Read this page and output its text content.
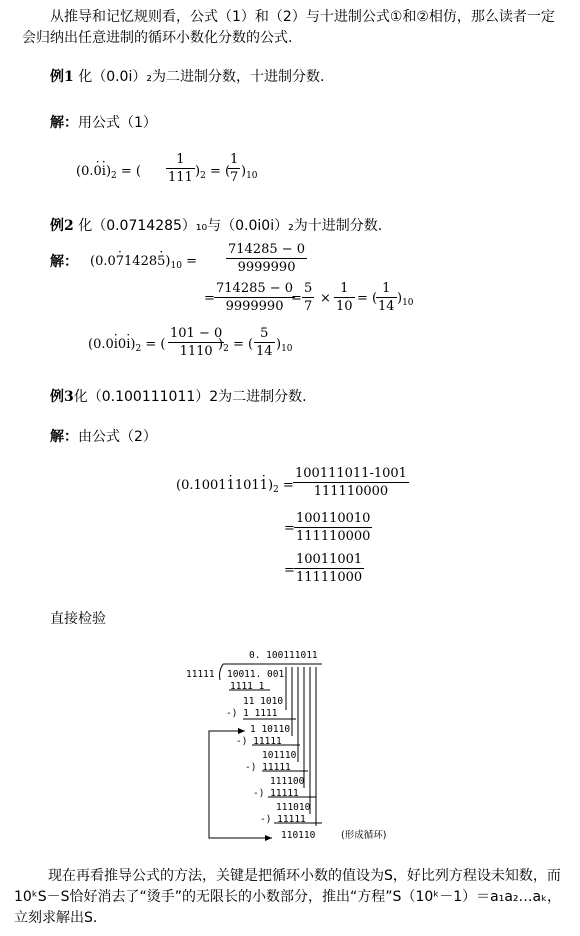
从推导和记忆规则看，公式（1）和（2）与十进制公式①和②相仿，那么读者一定会归纳出任意进制的循环小数化分数的公式.
例1 化（0.0i）₂为二进制分数，十进制分数.
解：用公式（1）
$(0.\cdot 0\cdot i)_2$ = ( $\frac{1}{111} )_2$ = (
$\frac{1}{7} )_{10}$
例2 化（0.0714285）₁₀与（0.0i0i）₂为十进制分数.
解： $(0.0\cdot 71428\cdot 5)_{10} = \frac{714285 - 0}{9999990}$
= $\frac{714285 - 0}{9999990}$
= $\frac{5}{7} \times \frac{1}{10}$ = (
$\frac{1}{14} )_{10}$
$(0.0\cdot i0\cdot i)_2$ = ( $\frac{101 - 0}{1110}$
)$_2$ = ( $\frac{5}{14} )_{10}$
例3化（0.100111011）2为二进制分数.
解：由公式（2）
$(0.1001\cdot 1101\cdot 1)_2 = \frac{100111011-1001}{111110000}$
= $\frac{100110010}{111110000}$
= $\frac{10011001}{11111000}$
直接检验
0. 100111011
11111 10011. 001
1111 1
11 1010
-) 1 1111
1 10110
-) 11111
101110
-) 11111
111100
-) 11111
111010
-) 11111
110110	(形成循环)
现在再看推导公式的方法，关键是把循环小数的值设为S，好比列方程设未知数，而10ᵏS－S恰好消去了“烫手”的无限长的小数部分，推出“方程”S（10ᵏ－1）＝a₁a₂…aₖ，立刻求解出S.
